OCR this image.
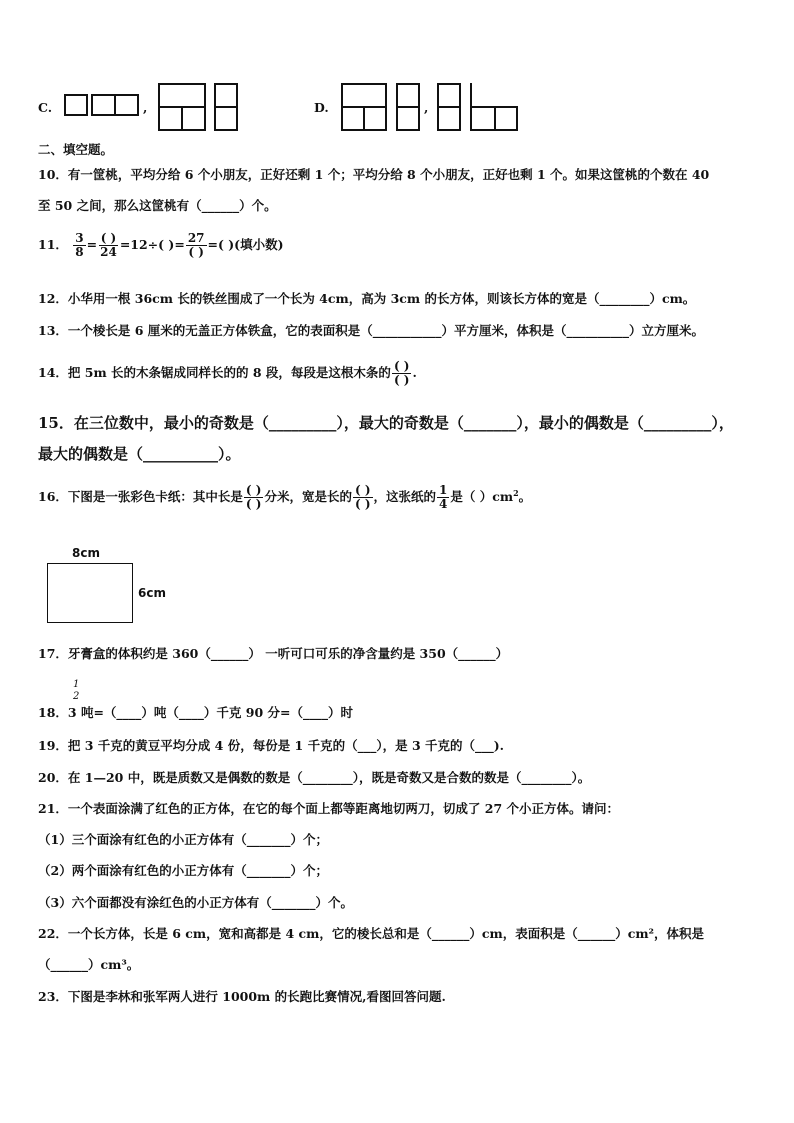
C.	,	D.	,
二、填空题。
10．有一筐桃，平均分给 6 个小朋友，正好还剩 1 个；平均分给 8 个小朋友，正好也剩 1 个。如果这筐桃的个数在 40
至 50 之间，那么这筐桃有（______）个。
11． $\frac{3}{8} = \frac{( )}{24} =12\div$( )= $\frac{27}{( )}$ =( )(填小数)
12．小华用一根 36cm 长的铁丝围成了一个长为 4cm，高为 3cm 的长方体，则该长方体的宽是（________）cm。
13．一个棱长是 6 厘米的无盖正方体铁盒，它的表面积是（___________）平方厘米，体积是（__________）立方厘米。
14．把 5m 长的木条锯成同样长的的 8 段，每段是这根木条的 $\frac{( )}{( )}$ .
15．在三位数中，最小的奇数是（_________），最大的奇数是（_______），最小的偶数是（_________），
最大的偶数是（__________）。
16．下图是一张彩色卡纸：其中长是 $\frac{( )}{( )}$ 分米，宽是长的 $\frac{( )}{( )}$ ，这张纸的 $\frac{1}{4}$ 是（ ）$cm^2$。
8cm
6cm
17．牙膏盒的体积约是 360（______） 一听可口可乐的净含量约是 350（______）
1
2
18．3 吨=（____）吨（____）千克 90 分=（____）时
19．把 3 千克的黄豆平均分成 4 份，每份是 1 千克的（___），是 3 千克的（___).
20．在 1—20 中，既是质数又是偶数的数是（________），既是奇数又是合数的数是（________）。
21．一个表面涂满了红色的正方体，在它的每个面上都等距离地切两刀，切成了 27 个小正方体。请问：
（1）三个面涂有红色的小正方体有（_______）个；
（2）两个面涂有红色的小正方体有（_______）个；
（3）六个面都没有涂红色的小正方体有（_______）个。
22．一个长方体，长是 6 cm，宽和高都是 4 cm，它的棱长总和是（______）cm，表面积是（______）cm²，体积是
（______）cm³。
23．下图是李林和张军两人进行 1000m 的长跑比赛情况,看图回答问题.
